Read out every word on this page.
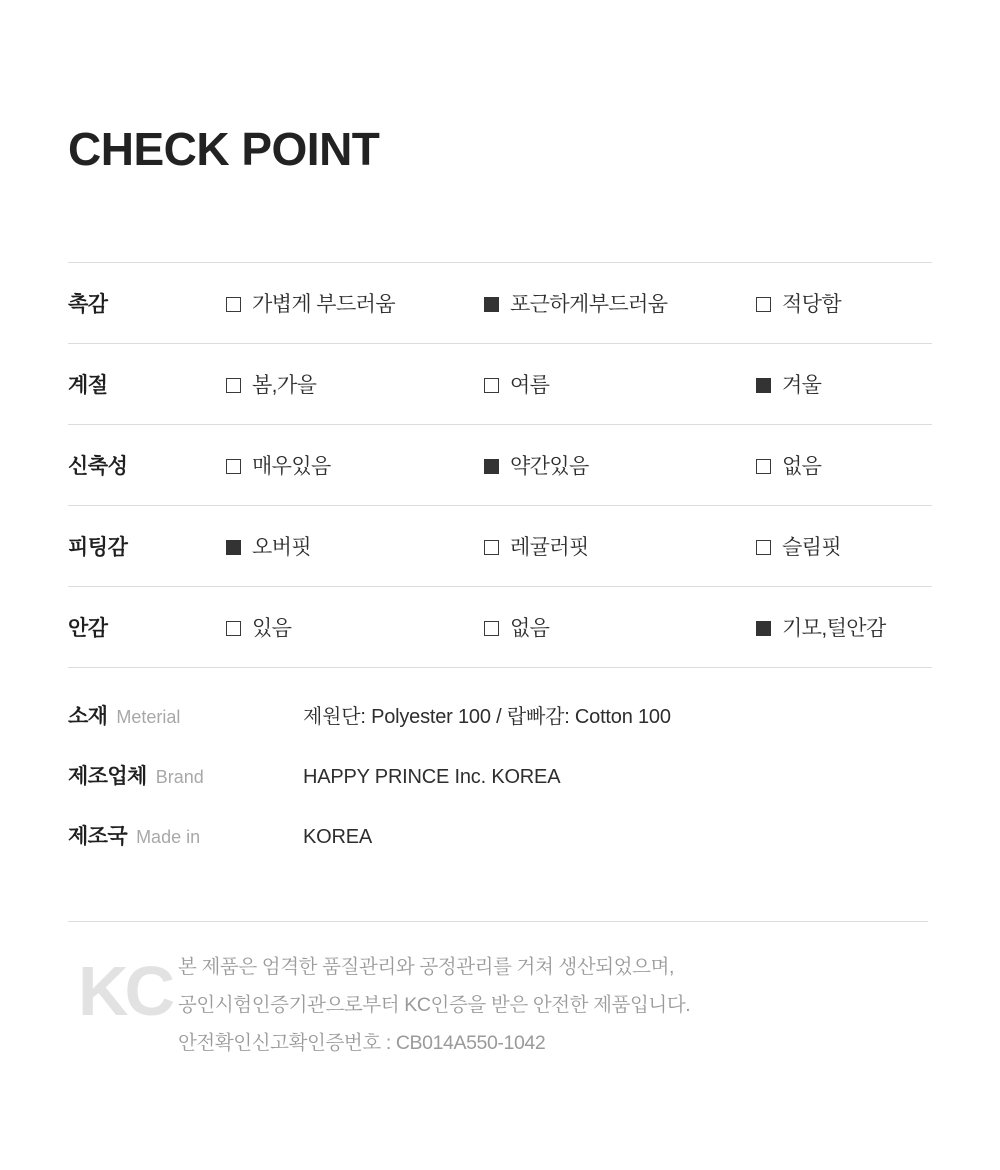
CHECK POINT
촉감	가볍게 부드러움	포근하게부드러움	적당함
계절	봄,가을	여름	겨울
신축성	매우있음	약간있음	없음
피팅감	오버핏	레귤러핏	슬림핏
안감	있음	없음	기모,털안감
소재 Meterial	제원단: Polyester 100 / 랍빠감: Cotton 100
제조업체 Brand	HAPPY PRINCE Inc. KOREA
제조국 Made in	KOREA
KC 본 제품은 엄격한 품질관리와 공정관리를 거쳐 생산되었으며,

공인시험인증기관으로부터 KC인증을 받은 안전한 제품입니다.

안전확인신고확인증번호 : CB014A550-1042
